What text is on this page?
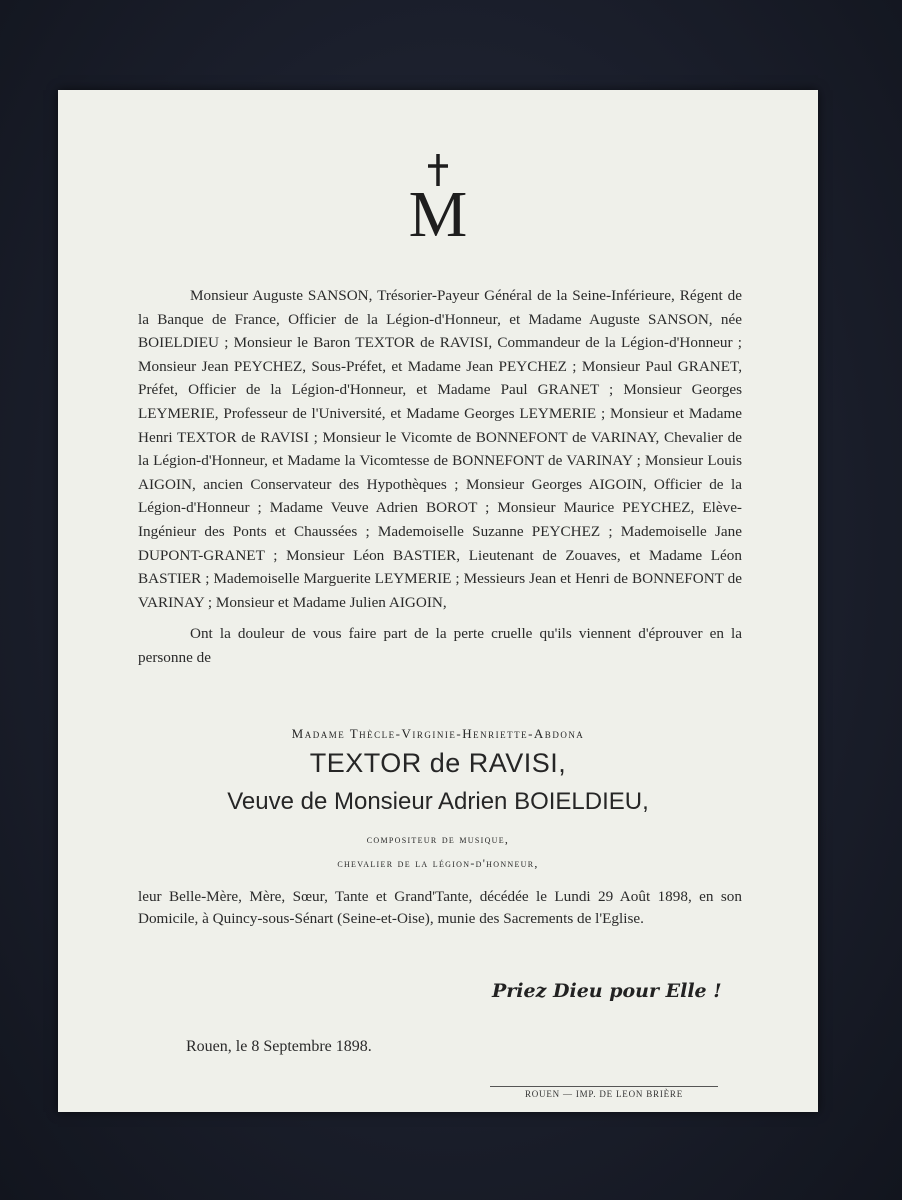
M

Monsieur Auguste SANSON, Trésorier-Payeur Général de la Seine-Inférieure, Régent de la Banque de France, Officier de la Légion-d'Honneur, et Madame Auguste SANSON, née BOIELDIEU ; Monsieur le Baron TEXTOR de RAVISI, Commandeur de la Légion-d'Honneur ; Monsieur Jean PEYCHEZ, Sous-Préfet, et Madame Jean PEYCHEZ ; Monsieur Paul GRANET, Préfet, Officier de la Légion-d'Honneur, et Madame Paul GRANET ; Monsieur Georges LEYMERIE, Professeur de l'Université, et Madame Georges LEYMERIE ; Monsieur et Madame Henri TEXTOR de RAVISI ; Monsieur le Vicomte de BONNEFONT de VARINAY, Chevalier de la Légion-d'Honneur, et Madame la Vicomtesse de BONNEFONT de VARINAY ; Monsieur Louis AIGOIN, ancien Conservateur des Hypothèques ; Monsieur Georges AIGOIN, Officier de la Légion-d'Honneur ; Madame Veuve Adrien BOROT ; Monsieur Maurice PEYCHEZ, Elève-Ingénieur des Ponts et Chaussées ; Mademoiselle Suzanne PEYCHEZ ; Mademoiselle Jane DUPONT-GRANET ; Monsieur Léon BASTIER, Lieutenant de Zouaves, et Madame Léon BASTIER ; Mademoiselle Marguerite LEYMERIE ; Messieurs Jean et Henri de BONNEFONT de VARINAY ; Monsieur et Madame Julien AIGOIN,

Ont la douleur de vous faire part de la perte cruelle qu'ils viennent d'éprouver en la personne de

Madame Thècle-Virginie-Henriette-Abdona
TEXTOR de RAVISI,
Veuve de Monsieur Adrien BOIELDIEU,
compositeur de musique,
chevalier de la légion-d'honneur,
leur Belle-Mère, Mère, Sœur, Tante et Grand'Tante, décédée le Lundi 29 Août 1898, en son Domicile, à Quincy-sous-Sénart (Seine-et-Oise), munie des Sacrements de l'Eglise.
Priez Dieu pour Elle !
Rouen, le 8 Septembre 1898.
ROUEN — IMP. DE LEON BRIÈRE
